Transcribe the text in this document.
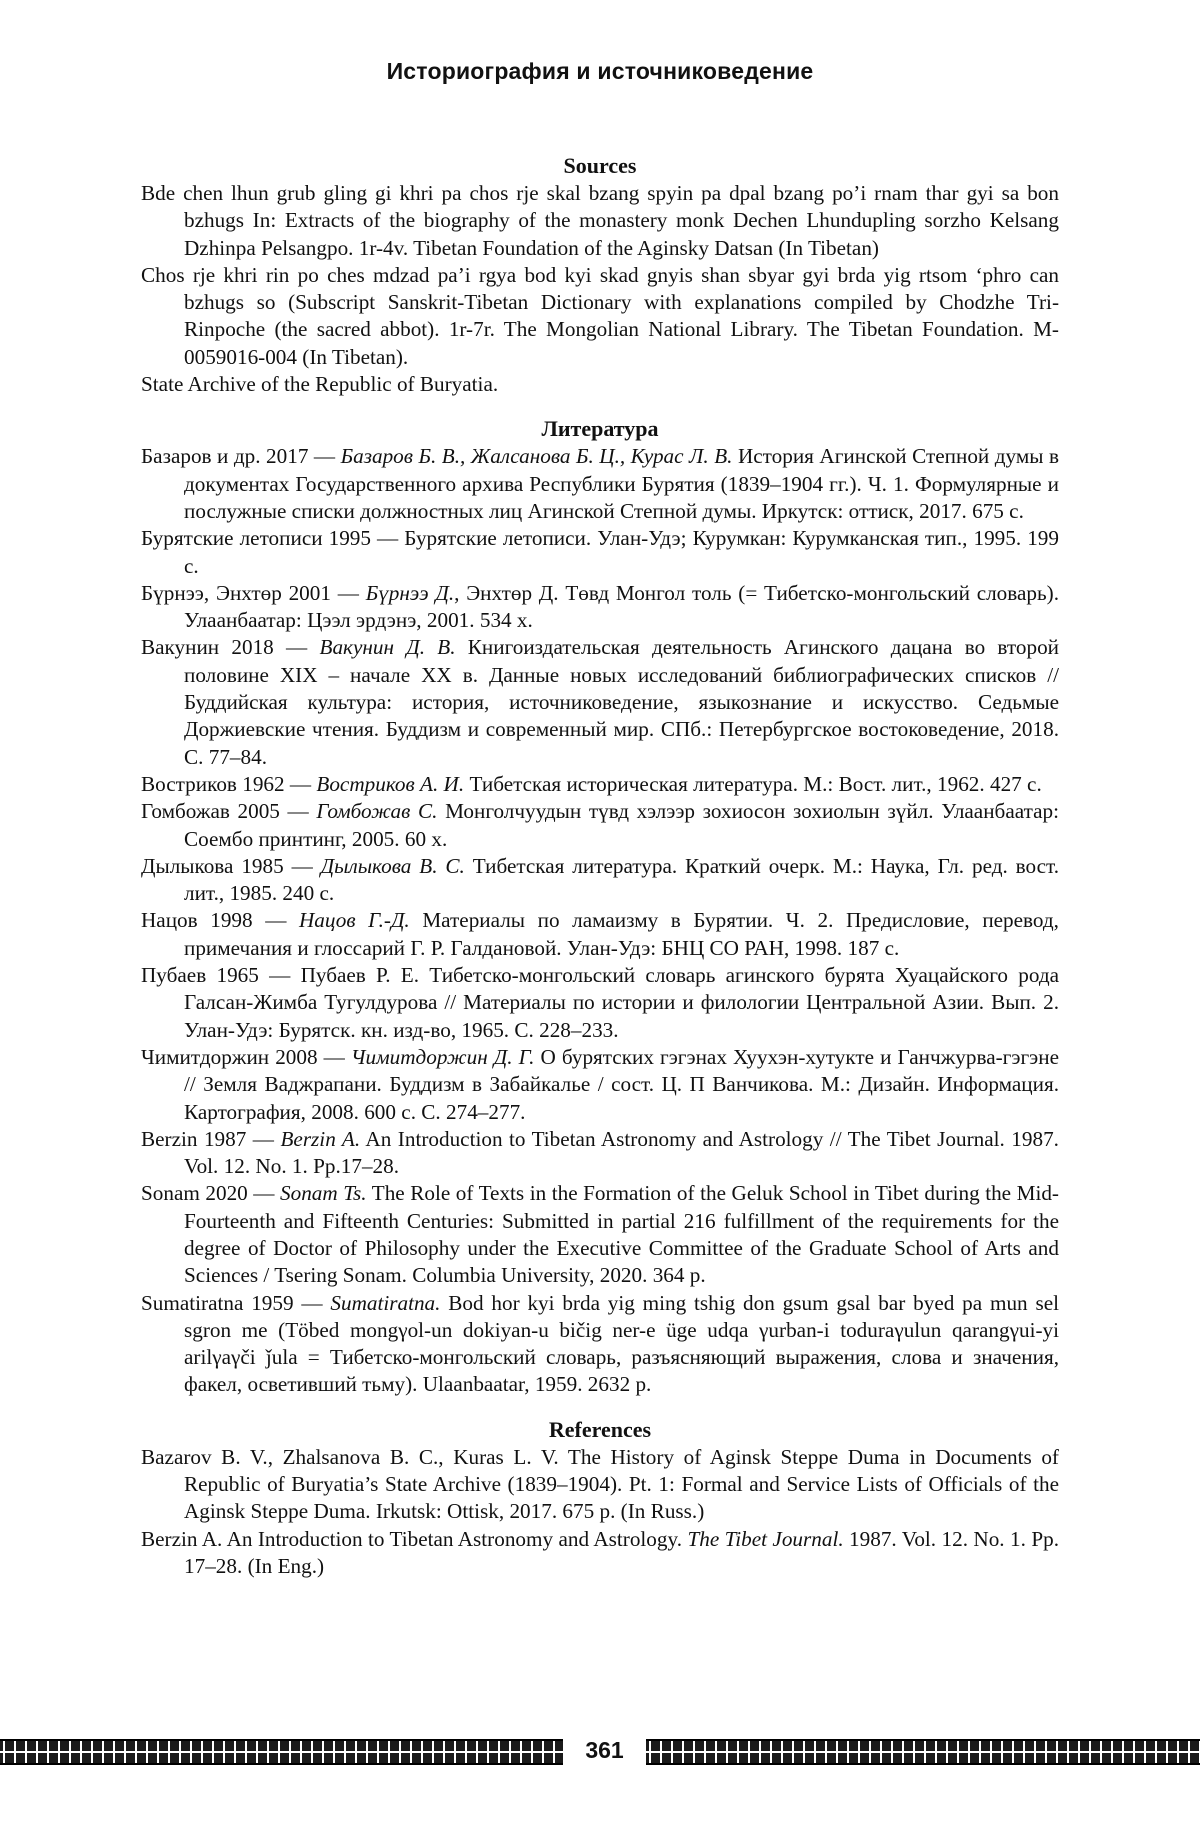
Историография и источниковедение
Sources

Bde chen lhun grub gling gi khri pa chos rje skal bzang spyin pa dpal bzang po’i rnam thar gyi sa bon bzhugs In: Extracts of the biography of the monastery monk Dechen Lhundupling sorzho Kelsang Dzhinpa Pelsangpo. 1r-4v. Tibetan Foundation of the Aginsky Datsan (In Tibetan)

Chos rje khri rin po ches mdzad pa’i rgya bod kyi skad gnyis shan sbyar gyi brda yig rtsom ‘phro can bzhugs so (Subscript Sanskrit-Tibetan Dictionary with explanations compiled by Chodzhe Tri-Rinpoche (the sacred abbot). 1r-7r. The Mongolian National Library. The Tibetan Foundation. M-0059016-004 (In Tibetan).

State Archive of the Republic of Buryatia.

Литература

Базаров и др. 2017 — Базаров Б. В., Жалсанова Б. Ц., Курас Л. В. История Агинской Степной думы в документах Государственного архива Республики Бурятия (1839–1904 гг.). Ч. 1. Формулярные и послужные списки должностных лиц Агинской Степной думы. Иркутск: оттиск, 2017. 675 с.

Бурятские летописи 1995 — Бурятские летописи. Улан-Удэ; Курумкан: Курумканская тип., 1995. 199 с.

Бүрнээ, Энхтөр 2001 — Бүрнээ Д., Энхтөр Д. Төвд Монгол толь (= Тибетско-монгольский словарь). Улаанбаатар: Цээл эрдэнэ, 2001. 534 х.

Вакунин 2018 — Вакунин Д. В. Книгоиздательская деятельность Агинского дацана во второй половине XIX – начале XX в. Данные новых исследований библиографических списков // Буддийская культура: история, источниковедение, языкознание и искусство. Седьмые Доржиевские чтения. Буддизм и современный мир. СПб.: Петербургское востоковедение, 2018. С. 77–84.

Востриков 1962 — Востриков А. И. Тибетская историческая литература. М.: Вост. лит., 1962. 427 с.

Гомбожав 2005 — Гомбожав С. Монголчуудын түвд хэлээр зохиосон зохиолын зүйл. Улаанбаатар: Соембо принтинг, 2005. 60 х.

Дылыкова 1985 — Дылыкова В. С. Тибетская литература. Краткий очерк. М.: Наука, Гл. ред. вост. лит., 1985. 240 с.

Нацов 1998 — Нацов Г.-Д. Материалы по ламаизму в Бурятии. Ч. 2. Предисловие, перевод, примечания и глоссарий Г. Р. Галдановой. Улан-Удэ: БНЦ СО РАН, 1998. 187 с.

Пубаев 1965 — Пубаев Р. Е. Тибетско-монгольский словарь агинского бурята Хуацайского рода Галсан-Жимба Тугулдурова // Материалы по истории и филологии Центральной Азии. Вып. 2. Улан-Удэ: Бурятск. кн. изд-во, 1965. С. 228–233.

Чимитдоржин 2008 — Чимитдоржин Д. Г. О бурятских гэгэнах Хуухэн-хутукте и Ганчжурва-гэгэне // Земля Ваджрапани. Буддизм в Забайкалье / сост. Ц. П Ванчикова. М.: Дизайн. Информация. Картография, 2008. 600 с. С. 274–277.

Berzin 1987 — Berzin A. An Introduction to Tibetan Astronomy and Astrology // The Tibet Journal. 1987. Vol. 12. No. 1. Pp.17–28.

Sonam 2020 — Sonam Ts. The Role of Texts in the Formation of the Geluk School in Tibet during the Mid-Fourteenth and Fifteenth Centuries: Submitted in partial 216 fulfillment of the requirements for the degree of Doctor of Philosophy under the Executive Committee of the Graduate School of Arts and Sciences / Tsering Sonam. Columbia University, 2020. 364 p.

Sumatiratna 1959 — Sumatiratna. Bod hor kyi brda yig ming tshig don gsum gsal bar byed pa mun sel sgron me (Tӧbed mongγol-un dokiyan-u bičig ner-e üge udqa γurban-i toduraγulun qarangγui-yi arilγaγči ǰula = Тибетско-монгольский словарь, разъясняющий выражения, слова и значения, факел, осветивший тьму). Ulaanbaatar, 1959. 2632 p.

References

Bazarov B. V., Zhalsanova B. C., Kuras L. V. The History of Aginsk Steppe Duma in Documents of Republic of Buryatia’s State Archive (1839–1904). Pt. 1: Formal and Service Lists of Officials of the Aginsk Steppe Duma. Irkutsk: Ottisk, 2017. 675 p. (In Russ.)

Berzin A. An Introduction to Tibetan Astronomy and Astrology. The Tibet Journal. 1987. Vol. 12. No. 1. Pp. 17–28. (In Eng.)

361
